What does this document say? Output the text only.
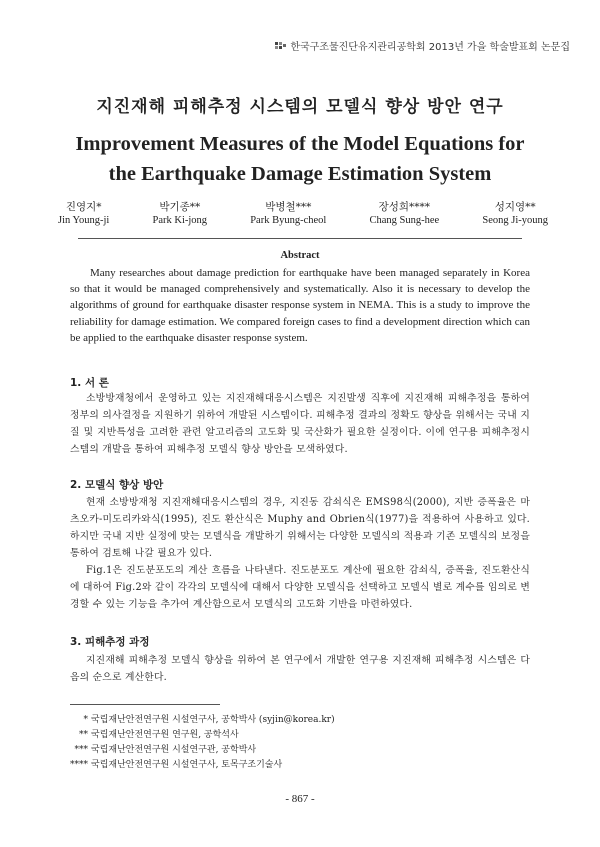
한국구조물진단유지관리공학회 2013년 가을 학술발표회 논문집
지진재해 피해추정 시스템의 모델식 향상 방안 연구
Improvement Measures of the Model Equations for the Earthquake Damage Estimation System
진영지*
Jin Young-ji
박기종**
Park Ki-jong
박병철***
Park Byung-cheol
장성희****
Chang Sung-hee
성지영**
Seong Ji-young
Abstract

Many researches about damage prediction for earthquake have been managed separately in Korea so that it would be managed comprehensively and systematically. Also it is necessary to develop the algorithms of ground for earthquake disaster response system in NEMA. This is a study to improve the reliability for damage estimation. We compared foreign cases to find a development direction which can be applied to the earthquake disaster response system.

1. 서 론

소방방재청에서 운영하고 있는 지진재해대응시스템은 지진발생 직후에 지진재해 피해추정을 통하여 정부의 의사결정을 지원하기 위하여 개발된 시스템이다. 피해추정 결과의 정확도 향상을 위해서는 국내 지질 및 지반특성을 고려한 관련 알고리즘의 고도화 및 국산화가 필요한 실정이다. 이에 연구용 피해추정시스템의 개발을 통하여 피해추정 모델식 향상 방안을 모색하였다.

2. 모델식 향상 방안

현재 소방방재청 지진재해대응시스템의 경우, 지진동 감쇠식은 EMS98식(2000), 지반 증폭율은 마츠오카-미도리카와식(1995), 진도 환산식은 Muphy and Obrien식(1977)을 적용하여 사용하고 있다. 하지만 국내 지반 실정에 맞는 모델식을 개발하기 위해서는 다양한 모델식의 적용과 기존 모델식의 보정을 통하여 검토해 나갈 필요가 있다.

Fig.1은 진도분포도의 계산 흐름을 나타낸다. 진도분포도 계산에 필요한 감쇠식, 증폭율, 진도환산식에 대하여 Fig.2와 같이 각각의 모델식에 대해서 다양한 모델식을 선택하고 모델식 별로 계수를 임의로 변경할 수 있는 기능을 추가여 계산함으로서 모델식의 고도화 기반을 마련하였다.

3. 피해추정 과정

지진재해 피해추정 모델식 향상을 위하여 본 연구에서 개발한 연구용 지진재해 피해추정 시스템은 다음의 순으로 계산한다.

* 국립재난안전연구원 시설연구사, 공학박사 (syjin@korea.kr)
** 국립재난안전연구원 연구원, 공학석사
*** 국립재난안전연구원 시설연구관, 공학박사
**** 국립재난안전연구원 시설연구사, 토목구조기술사
- 867 -
